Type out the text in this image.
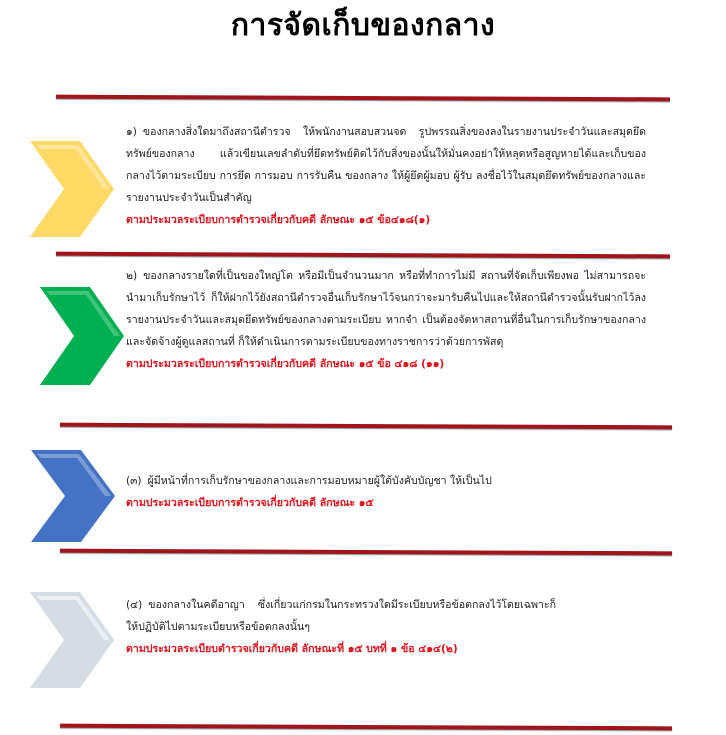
การจัดเก็บของกลาง

๑) ของกลางสิ่งใดมาถึงสถานีตำรวจ ให้พนักงานสอบสวนจด รูปพรรณสิ่งของลงในรายงานประจำวันและสมุดยึดทรัพย์ของกลาง แล้วเขียนเลขลำดับที่ยึดทรัพย์ติดไว้กับสิ่งของนั้นให้มั่นคงอย่าให้หลุดหรือสูญหายได้และเก็บของกลางไว้ตามระเบียบ การยึด การมอบ การรับคืน ของกลาง ให้ผู้ยึดผู้มอบ ผู้รับ ลงชื่อไว้ในสมุดยึดทรัพย์ของกลางและรายงานประจำวันเป็นสำคัญ

ตามประมวลระเบียบการตำรวจเกี่ยวกับคดี ลักษณะ ๑๕ ข้อ๔๑๘(๑)

๒) ของกลางรายใดที่เป็นของใหญ่โต หรือมีเป็นจำนวนมาก หรือที่ทำการไม่มี สถานที่จัดเก็บเพียงพอ ไม่สามารถจะนำมาเก็บรักษาไว้ ก็ให้ฝากไว้ยังสถานีตำรวจอื่นเก็บรักษาไว้จนกว่าจะมารับคืนไปและให้สถานีตำรวจนั้นรับฝากไว้ลงรายงานประจำวันและสมุดยึดทรัพย์ของกลางตามระเบียบ หากจำ เป็นต้องจัดหาสถานที่อื่นในการเก็บรักษาของกลางและจัดจ้างผู้ดูแลสถานที่ ก็ให้ดำเนินการตามระเบียบของทางราชการว่าด้วยการพัสดุ

ตามประมวลระเบียบการตำรวจเกี่ยวกับคดี ลักษณะ ๑๕ ข้อ ๔๑๘ (๑๑)

(๓) ผู้มีหน้าที่การเก็บรักษาของกลางและการมอบหมายผู้ใต้บังคับบัญชา ให้เป็นไป

ตามประมวลระเบียบการตำรวจเกี่ยวกับคดี ลักษณะ ๑๕

(๔) ของกลางในคดีอาญา ซึ่งเกี่ยวแก่กรมในกระทรวงใดมีระเบียบหรือข้อตกลงไว้โดยเฉพาะก็ให้ปฏิบัติไปตามระเบียบหรือข้อตกลงนั้นๆ

ตามประมวลระเบียบตำรวจเกี่ยวกับคดี ลักษณะที่ ๑๕ บทที่ ๑ ข้อ ๔๑๔(๒)
